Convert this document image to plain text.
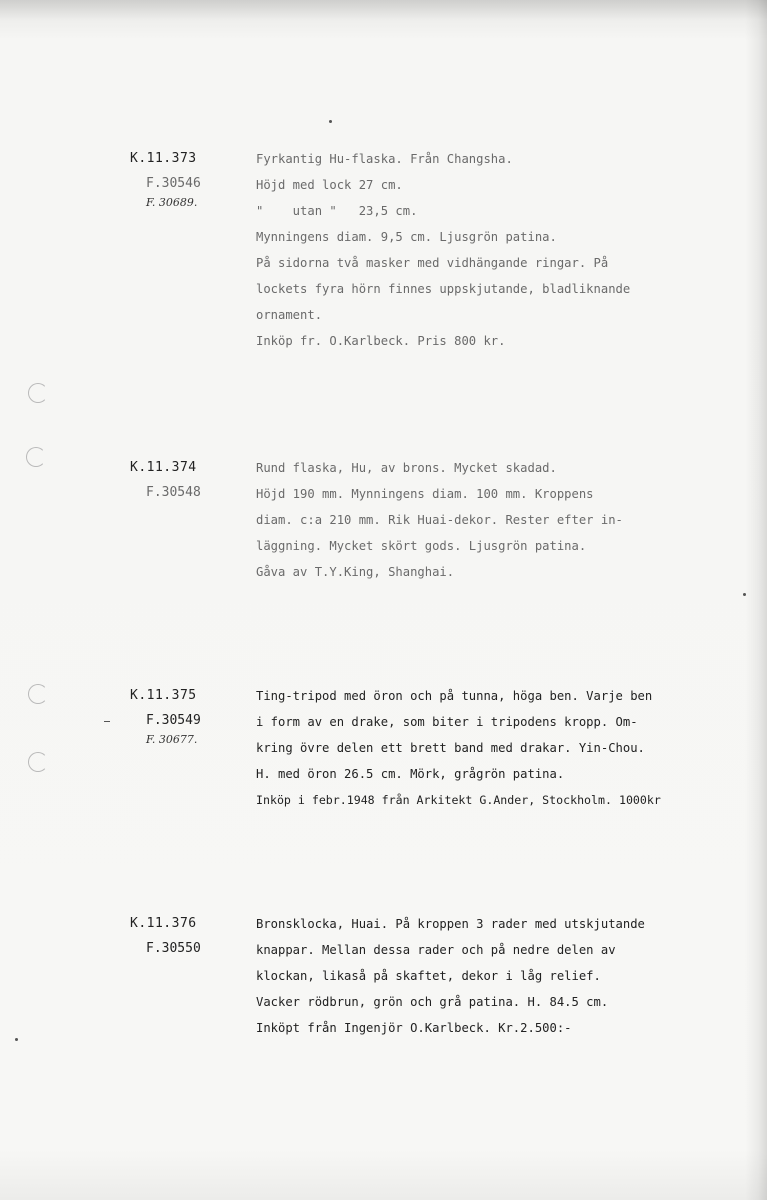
K.11.373
F.30546
F. 30689.
Fyrkantig Hu-flaska. Från Changsha.
Höjd med lock 27 cm.
"    utan "   23,5 cm.
Mynningens diam. 9,5 cm. Ljusgrön patina.
På sidorna två masker med vidhängande ringar. På
lockets fyra hörn finnes uppskjutande, bladliknande
ornament.
Inköp fr. O.Karlbeck. Pris 800 kr.
K.11.374
F.30548
Rund flaska, Hu, av brons. Mycket skadad.
Höjd 190 mm. Mynningens diam. 100 mm. Kroppens
diam. c:a 210 mm. Rik Huai-dekor. Rester efter in-
läggning. Mycket skört gods. Ljusgrön patina.
Gåva av T.Y.King, Shanghai.
K.11.375
F.30549
F. 30677.
Ting-tripod med öron och på tunna, höga ben. Varje ben
i form av en drake, som biter i tripodens kropp. Om-
kring övre delen ett brett band med drakar. Yin-Chou.
H. med öron 26.5 cm. Mörk, grågrön patina.
Inköp i febr.1948 från Arkitekt G.Ander, Stockholm. 1000kr
K.11.376
F.30550
Bronsklocka, Huai. På kroppen 3 rader med utskjutande
knappar. Mellan dessa rader och på nedre delen av
klockan, likaså på skaftet, dekor i låg relief.
Vacker rödbrun, grön och grå patina. H. 84.5 cm.
Inköpt från Ingenjör O.Karlbeck. Kr.2.500:-
